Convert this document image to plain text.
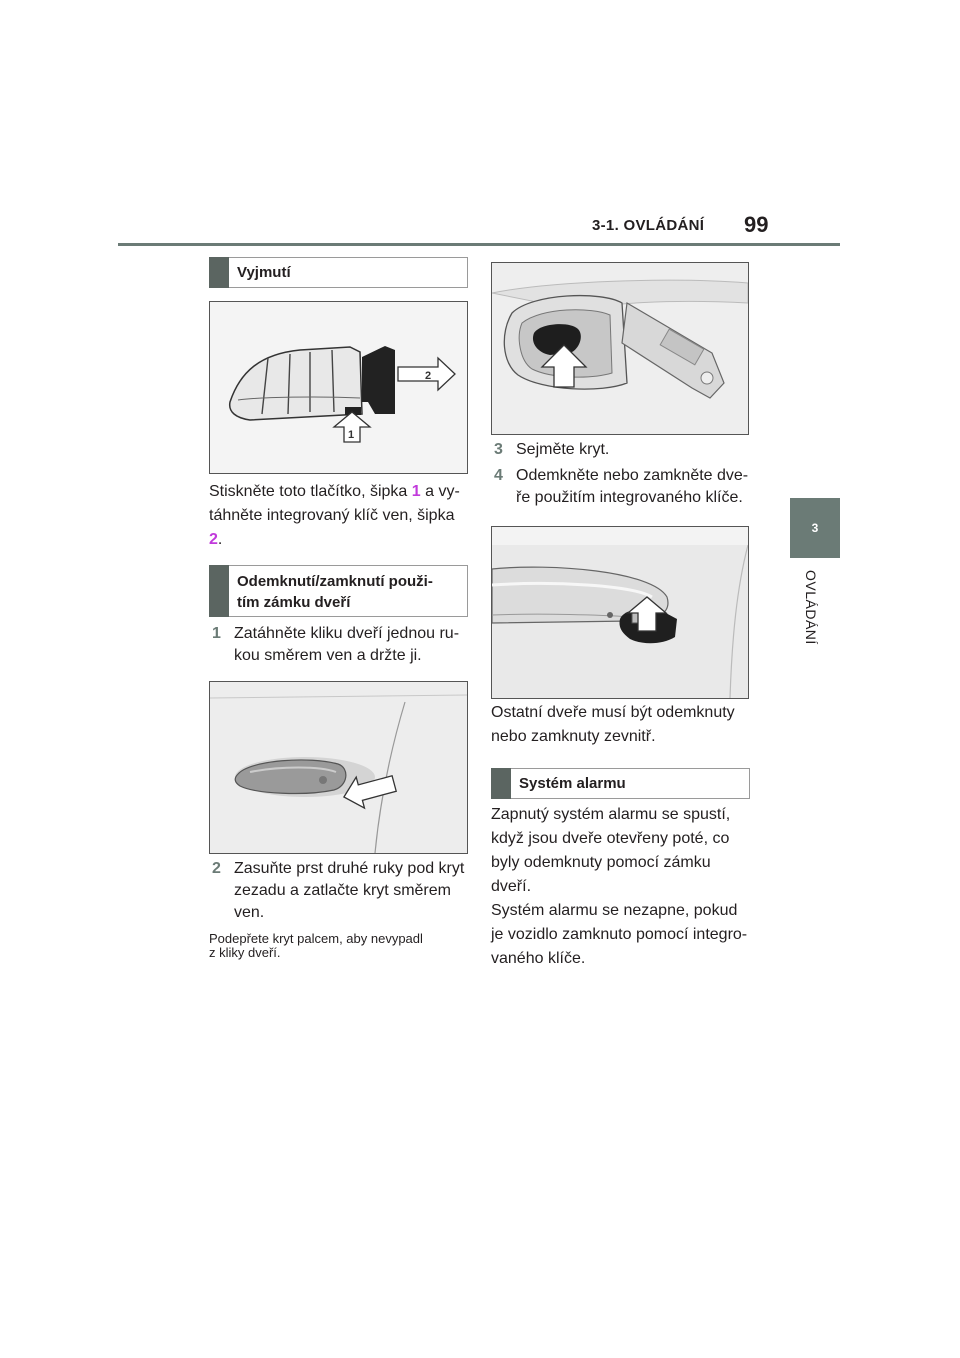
3-1. OVLÁDÁNÍ 99
3
OVLÁDÁNÍ
Vyjmutí
2
1
Stiskněte toto tlačítko, šipka 1 a vy-
táhněte integrovaný klíč ven, šipka
2.
Odemknutí/zamknutí použi-
tím zámku dveří
1 Zatáhněte kliku dveří jednou ru-
kou směrem ven a držte ji.
2 Zasuňte prst druhé ruky pod kryt
zezadu a zatlačte kryt směrem
ven.
Podepřete kryt palcem, aby nevypadl
z kliky dveří.
3 Sejměte kryt.
4 Odemkněte nebo zamkněte dve-
ře použitím integrovaného klíče.
Ostatní dveře musí být odemknuty
nebo zamknuty zevnitř.
Systém alarmu
Zapnutý systém alarmu se spustí,
když jsou dveře otevřeny poté, co
byly odemknuty pomocí zámku
dveří.
Systém alarmu se nezapne, pokud
je vozidlo zamknuto pomocí integro-
vaného klíče.
